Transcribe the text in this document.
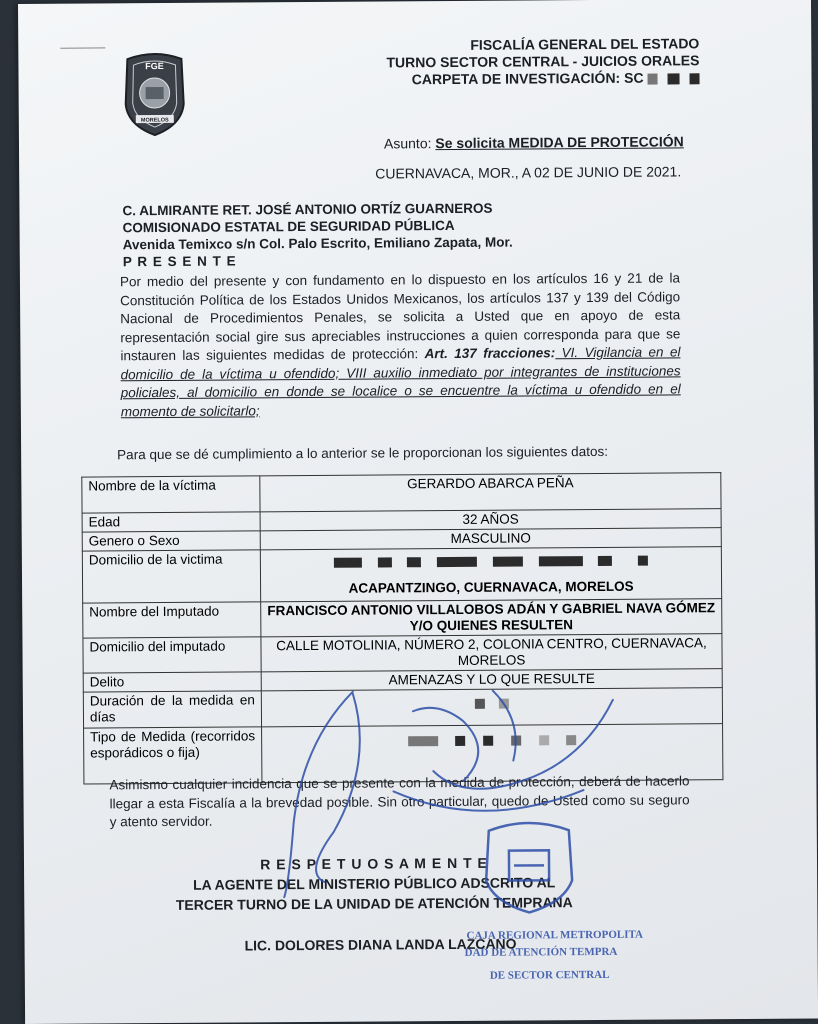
FGE
MORELOS
FISCALÍA GENERAL DEL ESTADO
TURNO SECTOR CENTRAL - JUICIOS ORALES
CARPETA DE INVESTIGACIÓN: SC
Asunto: Se solicita MEDIDA DE PROTECCIÓN
CUERNAVACA, MOR., A 02 DE JUNIO DE 2021.
C. ALMIRANTE RET. JOSÉ ANTONIO ORTÍZ GUARNEROS
COMISIONADO ESTATAL DE SEGURIDAD PÚBLICA
Avenida Temixco s/n Col. Palo Escrito, Emiliano Zapata, Mor.
P R E S E N T E
Por medio del presente y con fundamento en lo dispuesto en los artículos 16 y 21 de la Constitución Política de los Estados Unidos Mexicanos, los artículos 137 y 139 del Código Nacional de Procedimientos Penales, se solicita a Usted que en apoyo de esta representación social gire sus apreciables instrucciones a quien corresponda para que se instauren las siguientes medidas de protección: Art. 137 fracciones: VI. Vigilancia en el domicilio de la víctima u ofendido; VIII auxilio inmediato por integrantes de instituciones policiales, al domicilio en donde se localice o se encuentre la víctima u ofendido en el momento de solicitarlo;
Para que se dé cumplimiento a lo anterior se le proporcionan los siguientes datos:
Nombre de la víctima	GERARDO ABARCA PEÑA
Edad	32 AÑOS
Genero o Sexo	MASCULINO
Domicilio de la victima	ACAPANTZINGO, CUERNAVACA, MORELOS

Nombre del Imputado	FRANCISCO ANTONIO VILLALOBOS ADÁN Y GABRIEL NAVA GÓMEZ Y/O QUIENES RESULTEN
Domicilio del imputado	CALLE MOTOLINIA, NÚMERO 2, COLONIA CENTRO, CUERNAVACA, MORELOS
Delito	AMENAZAS Y LO QUE RESULTE
Duración de la medida en días	
Tipo de Medida (recorridos esporádicos o fija)	

Asimismo cualquier incidencia que se presente con la medida de protección, deberá de hacerlo llegar a esta Fiscalía a la brevedad posible. Sin otro particular, quedo de Usted como su seguro y atento servidor.
R E S P E T U O S A M E N T E
LA AGENTE DEL MINISTERIO PÚBLICO ADSCRITO AL
TERCER TURNO DE LA UNIDAD DE ATENCIÓN TEMPRANA
LIC. DOLORES DIANA LANDA LAZCANO
CAJA REGIONAL METROPOLITA
DAD DE ATENCIÓN TEMPRA
DE SECTOR CENTRAL
